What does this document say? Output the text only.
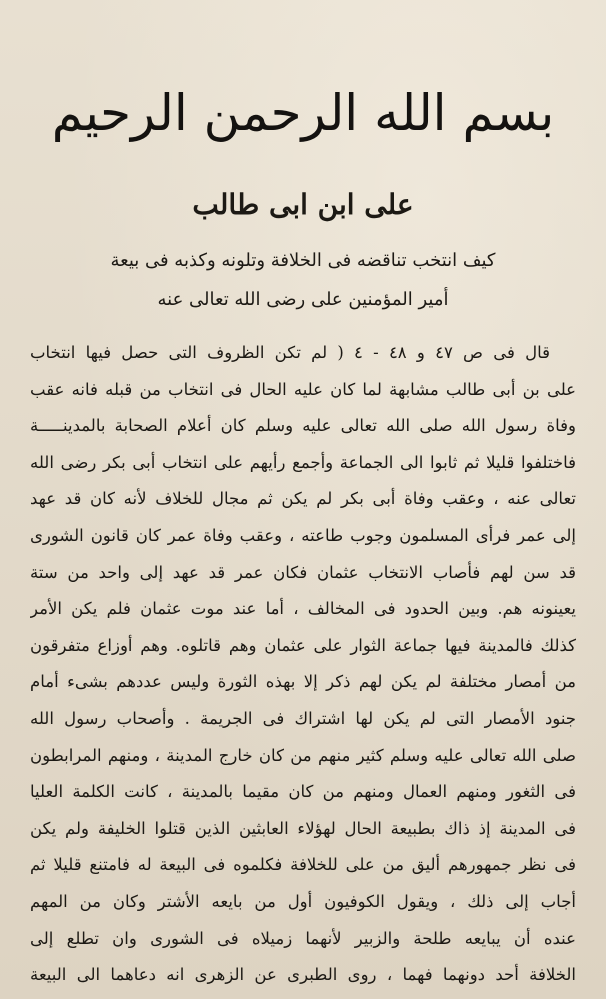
بسم الله الرحمن الرحيم
على ابن ابى طالب
كيف انتخب تناقضه فى الخلافة وتلونه وكذبه فى بيعة
أمير المؤمنين على رضى الله تعالى عنه
قال فى ص ٤٧ و ٤٨ - ٤ ( لم تكن الظروف التى حصل فيها انتخاب
على بن أبى طالب مشابهة لما كان عليه الحال فى انتخاب من قبله فانه عقب
وفاة رسول الله صلى الله تعالى عليه وسلم كان أعلام الصحابة بالمدينـــــة
فاختلفوا قليلا ثم ثابوا الى الجماعة وأجمع رأيهم على انتخاب أبى بكر رضى الله
تعالى عنه ، وعقب وفاة أبى بكر لم يكن ثم مجال للخلاف لأنه كان قد عهد
إلى عمر فرأى المسلمون وجوب طاعته ، وعقب وفاة عمر كان قانون الشورى
قد سن لهم فأصاب الانتخاب عثمان فكان عمر قد عهد إلى واحد من ستة
يعينونه هم. وبين الحدود فى المخالف ، أما عند موت عثمان فلم يكن الأمر
كذلك فالمدينة فيها جماعة الثوار على عثمان وهم قاتلوه. وهم أوزاع متفرقون
من أمصار مختلفة لم يكن لهم ذكر إلا بهذه الثورة وليس عددهم بشىء أمام
جنود الأمصار التى لم يكن لها اشتراك فى الجريمة . وأصحاب رسول الله
صلى الله تعالى عليه وسلم كثير منهم من كان خارج المدينة ، ومنهم المرابطون
فى الثغور ومنهم العمال ومنهم من كان مقيما بالمدينة ، كانت الكلمة العليا
فى المدينة إذ ذاك بطبيعة الحال لهؤلاء العابثين الذين قتلوا الخليفة ولم يكن
فى نظر جمهورهم أليق من على للخلافة فكلموه فى البيعة له فامتنع قليلا ثم
أجاب إلى ذلك ، ويقول الكوفيون أول من بايعه الأشتر وكان من المهم
عنده أن يبايعه طلحة والزبير لأنهما زميلاه فى الشورى وان تطلع إلى
الخلافة أحد دونهما فهما ، روى الطبرى عن الزهرى انه دعاهما الى البيعة
